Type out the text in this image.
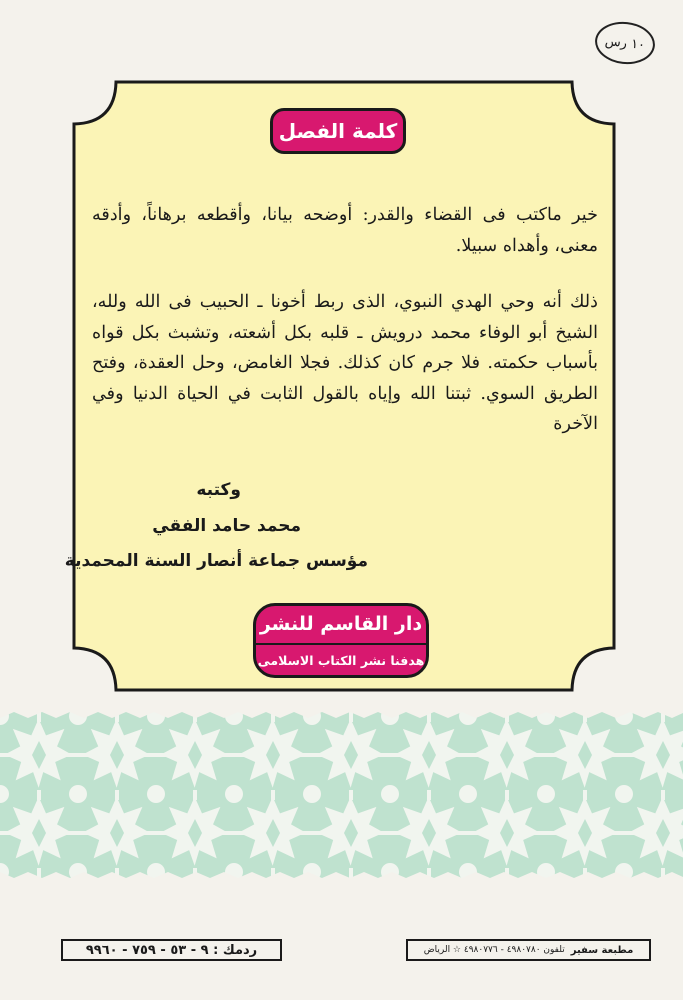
١٠ رس
كلمة الفصل

خير ماكتب فى القضاء والقدر: أوضحه بيانا، وأقطعه برهاناً، وأدقه معنى، وأهداه سبيلا.

ذلك أنه وحي الهدي النبوي، الذى ربط أخونا ـ الحبيب فى الله ولله، الشيخ أبو الوفاء محمد درويش ـ قلبه بكل أشعته، وتشبث بكل قواه بأسباب حكمته. فلا جرم كان كذلك. فجلا الغامض، وحل العقدة، وفتح الطريق السوي. ثبتنا الله وإياه بالقول الثابت في الحياة الدنيا وفي الآخرة

وكتبه
محمد حامد الفقي
مؤسس جماعة أنصار السنة المحمدية
دار القاسم للنشر
هدفنا نشر الكتاب الاسلامى
ردمك : ٩ - ٥٣ - ٧٥٩ - ٩٩٦٠	مطبعة سفير
تلفون ٤٩٨٠٧٨٠ - ٤٩٨٠٧٧٦ ☆ الرياض
